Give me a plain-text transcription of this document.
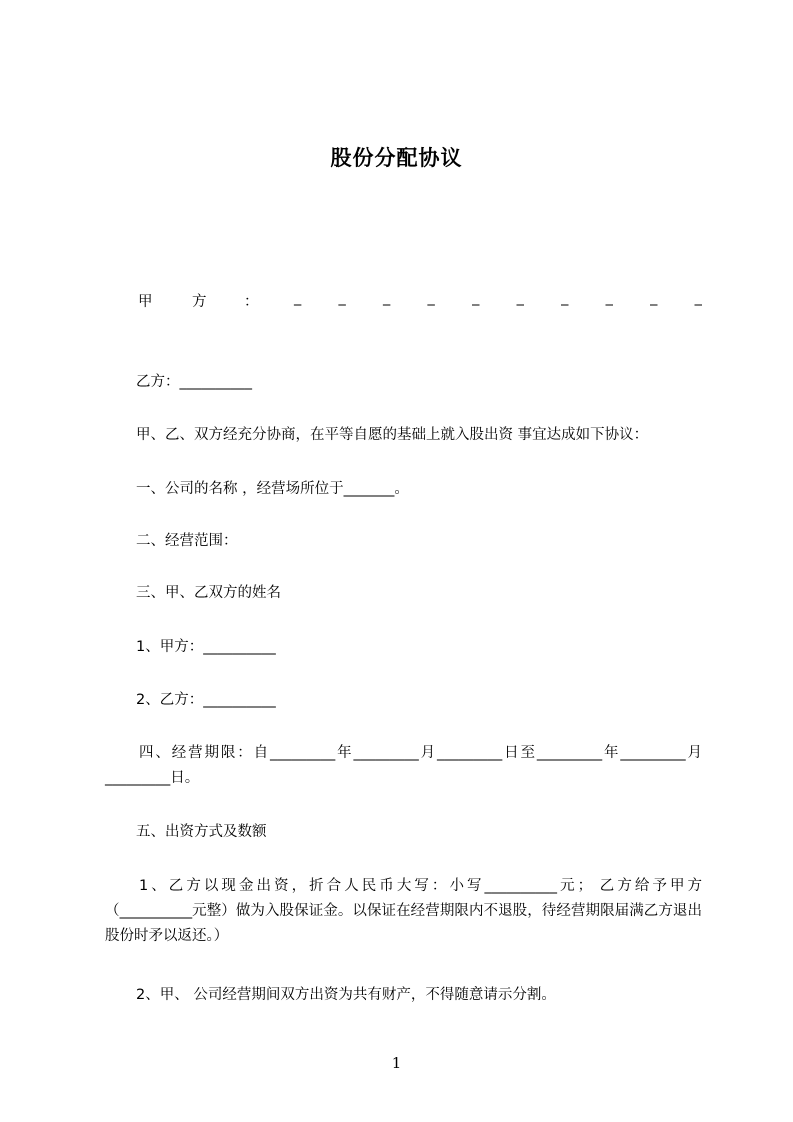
股份分配协议
甲	方	： _	_	_	_	_	_	_	_	_	_
乙方：__________
甲、乙、双方经充分协商，在平等自愿的基础上就入股出资 事宜达成如下协议：
一、公司的名称 ，经营场所位于_______。
二、经营范围：
三、甲、乙双方的姓名
1、甲方：__________
2、乙方：__________
四、经营期限：自_________年_________月_________日至_________年_________月_________日。
五、出资方式及数额
1、乙方以现金出资，折合人民币大写：小写__________元； 乙方给予甲方（__________元整）做为入股保证金。以保证在经营期限内不退股，待经营期限届满乙方退出股份时矛以返还。）
2、甲、 公司经营期间双方出资为共有财产，不得随意请示分割。
1
